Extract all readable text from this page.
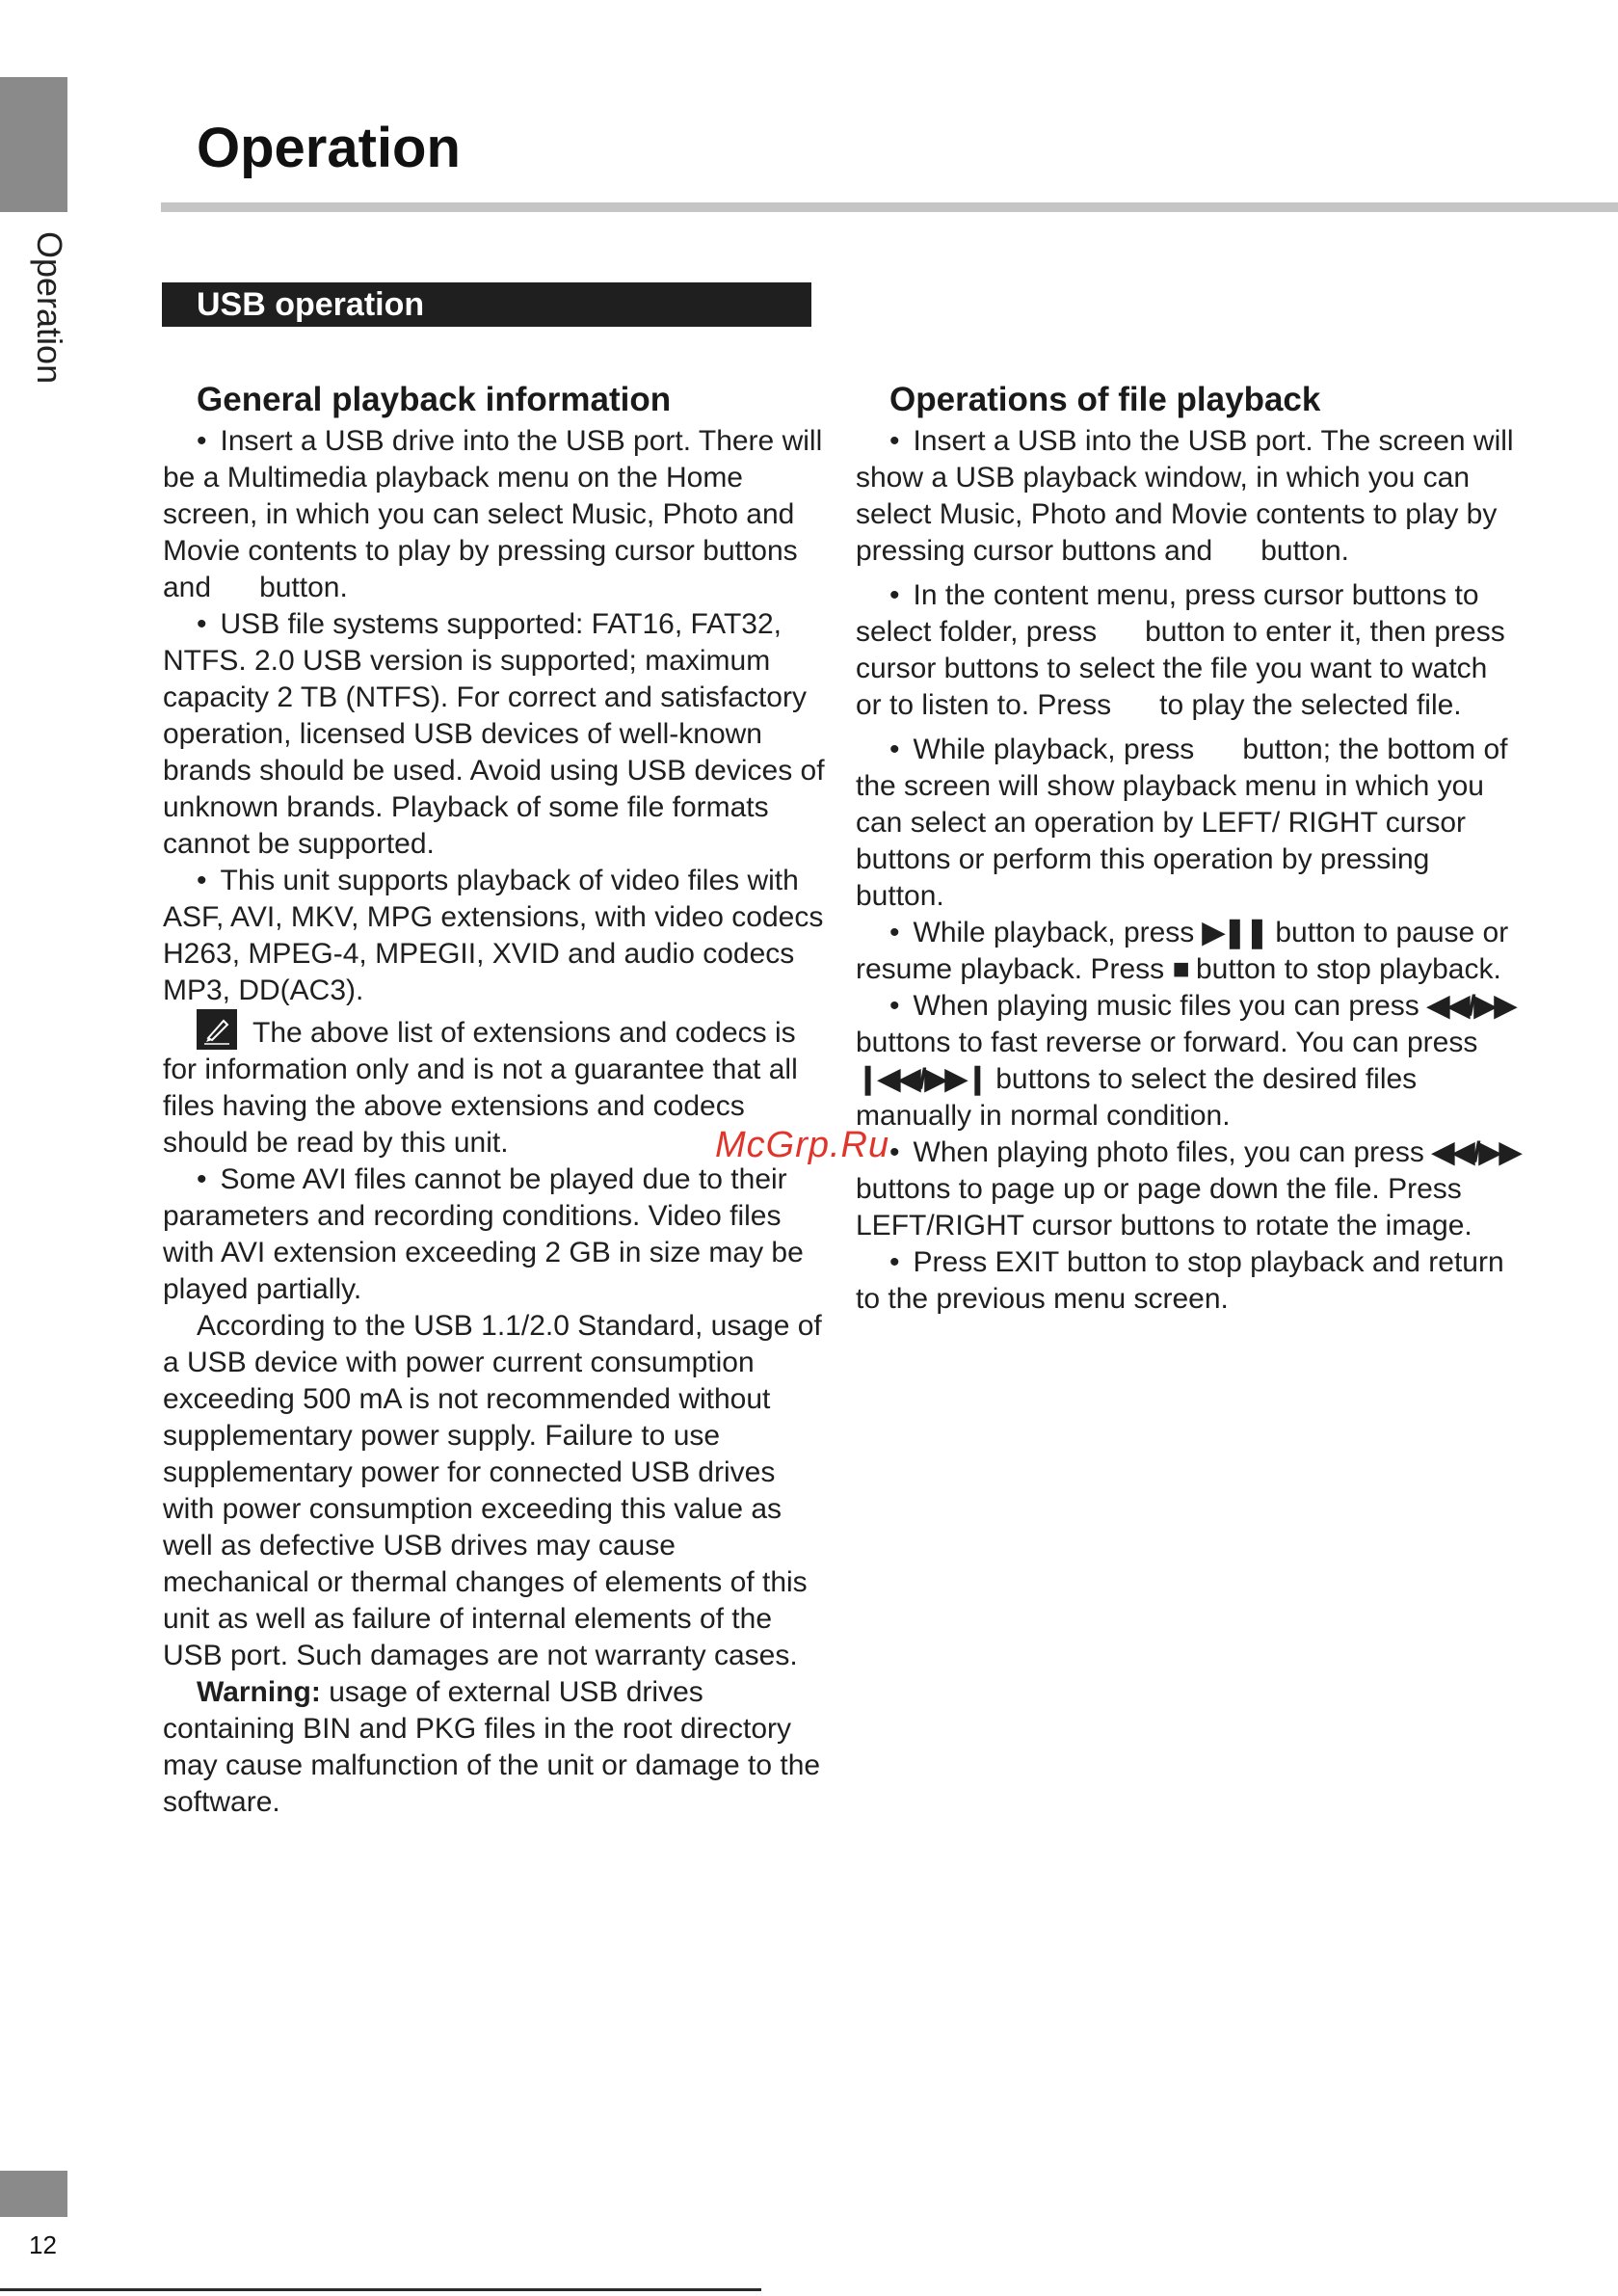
Operation
Operation
USB operation
General playback information

• Insert a USB drive into the USB port. There will be a Multimedia playback menu on the Home screen, in which you can select Music, Photo and Movie contents to play by pressing cursor buttons and button.

• USB file systems supported: FAT16, FAT32, NTFS. 2.0 USB version is supported; maximum capacity 2 TB (NTFS). For correct and satisfactory operation, licensed USB devices of well-known brands should be used. Avoid using USB devices of unknown brands. Playback of some file formats cannot be supported.

• This unit supports playback of video files with ASF, AVI, MKV, MPG extensions, with video codecs H263, MPEG-4, MPEGII, XVID and audio codecs MP3, DD(AC3).

The above list of extensions and codecs is for information only and is not a guarantee that all files having the above extensions and codecs should be read by this unit.

• Some AVI files cannot be played due to their parameters and recording conditions. Video files with AVI extension exceeding 2 GB in size may be played partially.

According to the USB 1.1/2.0 Standard, usage of a USB device with power current consumption exceeding 500 mA is not recommended without supplementary power supply. Failure to use supplementary power for connected USB drives with power consumption exceeding this value as well as defective USB drives may cause mechanical or thermal changes of elements of this unit as well as failure of internal elements of the USB port. Such damages are not warranty cases.

Warning: usage of external USB drives containing BIN and PKG files in the root directory may cause malfunction of the unit or damage to the software.

Operations of file playback

• Insert a USB into the USB port. The screen will show a USB playback window, in which you can select Music, Photo and Movie contents to play by pressing cursor buttons and button.

• In the content menu, press cursor buttons to select folder, press button to enter it, then press cursor buttons to select the file you want to watch or to listen to. Press to play the selected file.

• While playback, press button; the bottom of the screen will show playback menu in which you can select an operation by LEFT/ RIGHT cursor buttons or perform this operation by pressingbutton.

• While playback, press ▶❚❚ button to pause or resume playback. Press ■ button to stop playback.

• When playing music files you can press ◀◀/▶▶ buttons to fast reverse or forward. You can press ❙◀◀/▶▶❙ buttons to select the desired files manually in normal condition.

• When playing photo files, you can press ◀◀/▶▶ buttons to page up or page down the file. Press LEFT/RIGHT cursor buttons to rotate the image.

• Press EXIT button to stop playback and return to the previous menu screen.

McGrp.Ru
12
